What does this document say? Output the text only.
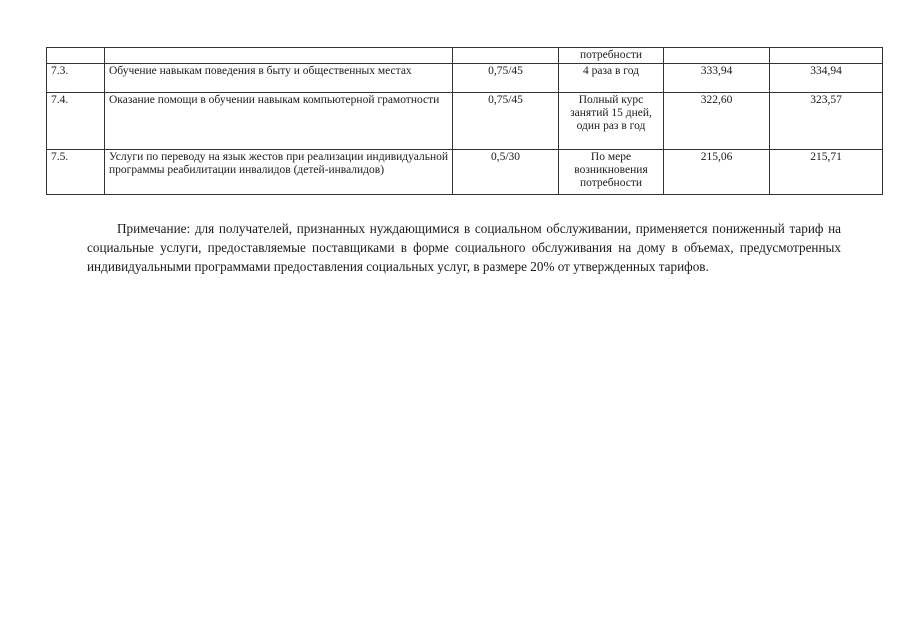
			потребности		
7.3.	Обучение навыкам поведения в быту и общественных местах	0,75/45	4 раза в год	333,94	334,94
7.4.	Оказание помощи в обучении навыкам компьютерной грамотности	0,75/45	Полный курс занятий 15 дней, один раз в год	322,60	323,57
7.5.	Услуги по переводу на язык жестов при реализации индивидуальной программы реабилитации инвалидов (детей-инвалидов)	0,5/30	По мере возникновения потребности	215,06	215,71

Примечание: для получателей, признанных нуждающимися в социальном обслуживании, применяется пониженный тариф на социальные услуги, предоставляемые поставщиками в форме социального обслуживания на дому в объемах, предусмотренных индивидуальными программами предоставления социальных услуг, в размере 20% от утвержденных тарифов.
